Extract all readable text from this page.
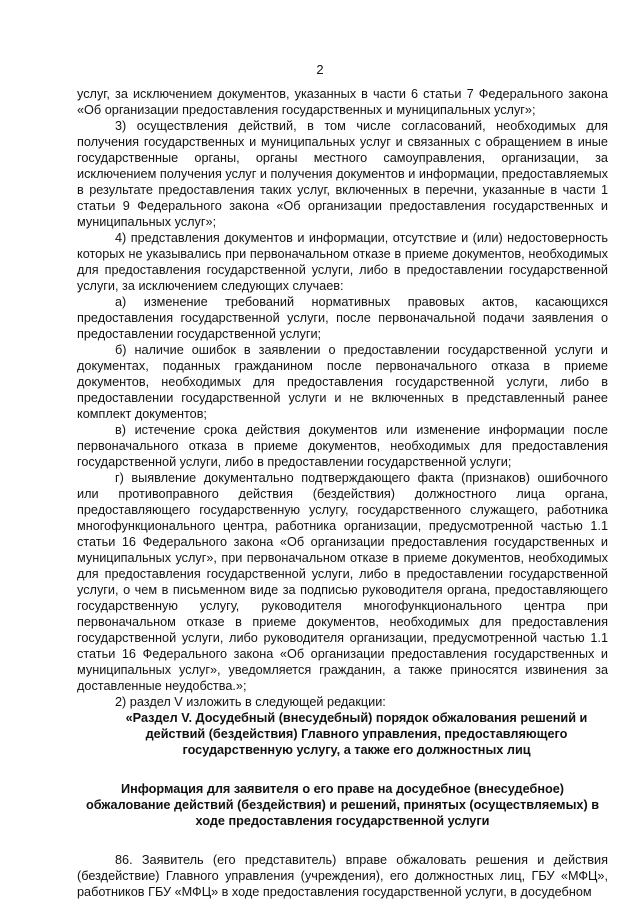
2

услуг, за исключением документов, указанных в части 6 статьи 7 Федерального закона «Об организации предоставления государственных и муниципальных услуг»;

3) осуществления действий, в том числе согласований, необходимых для получения государственных и муниципальных услуг и связанных с обращением в иные государственные органы, органы местного самоуправления, организации, за исключением получения услуг и получения документов и информации, предоставляемых в результате предоставления таких услуг, включенных в перечни, указанные в части 1 статьи 9 Федерального закона «Об организации предоставления государственных и муниципальных услуг»;

4) представления документов и информации, отсутствие и (или) недостоверность которых не указывались при первоначальном отказе в приеме документов, необходимых для предоставления государственной услуги, либо в предоставлении государственной услуги, за исключением следующих случаев:

а) изменение требований нормативных правовых актов, касающихся предоставления государственной услуги, после первоначальной подачи заявления о предоставлении государственной услуги;

б) наличие ошибок в заявлении о предоставлении государственной услуги и документах, поданных гражданином после первоначального отказа в приеме документов, необходимых для предоставления государственной услуги, либо в предоставлении государственной услуги и не включенных в представленный ранее комплект документов;

в) истечение срока действия документов или изменение информации после первоначального отказа в приеме документов, необходимых для предоставления государственной услуги, либо в предоставлении государственной услуги;

г) выявление документально подтверждающего факта (признаков) ошибочного или противоправного действия (бездействия) должностного лица органа, предоставляющего государственную услугу, государственного служащего, работника многофункционального центра, работника организации, предусмотренной частью 1.1 статьи 16 Федерального закона «Об организации предоставления государственных и муниципальных услуг», при первоначальном отказе в приеме документов, необходимых для предоставления государственной услуги, либо в предоставлении государственной услуги, о чем в письменном виде за подписью руководителя органа, предоставляющего государственную услугу, руководителя многофункционального центра при первоначальном отказе в приеме документов, необходимых для предоставления государственной услуги, либо руководителя организации, предусмотренной частью 1.1 статьи 16 Федерального закона «Об организации предоставления государственных и муниципальных услуг», уведомляется гражданин, а также приносятся извинения за доставленные неудобства.»;

2) раздел V изложить в следующей редакции:

«Раздел V. Досудебный (внесудебный) порядок обжалования решений и действий (бездействия) Главного управления, предоставляющего государственную услугу, а также его должностных лиц

Информация для заявителя о его праве на досудебное (внесудебное) обжалование действий (бездействия) и решений, принятых (осуществляемых) в ходе предоставления государственной услуги

86. Заявитель (его представитель) вправе обжаловать решения и действия (бездействие) Главного управления (учреждения), его должностных лиц, ГБУ «МФЦ», работников ГБУ «МФЦ» в ходе предоставления государственной услуги, в досудебном
